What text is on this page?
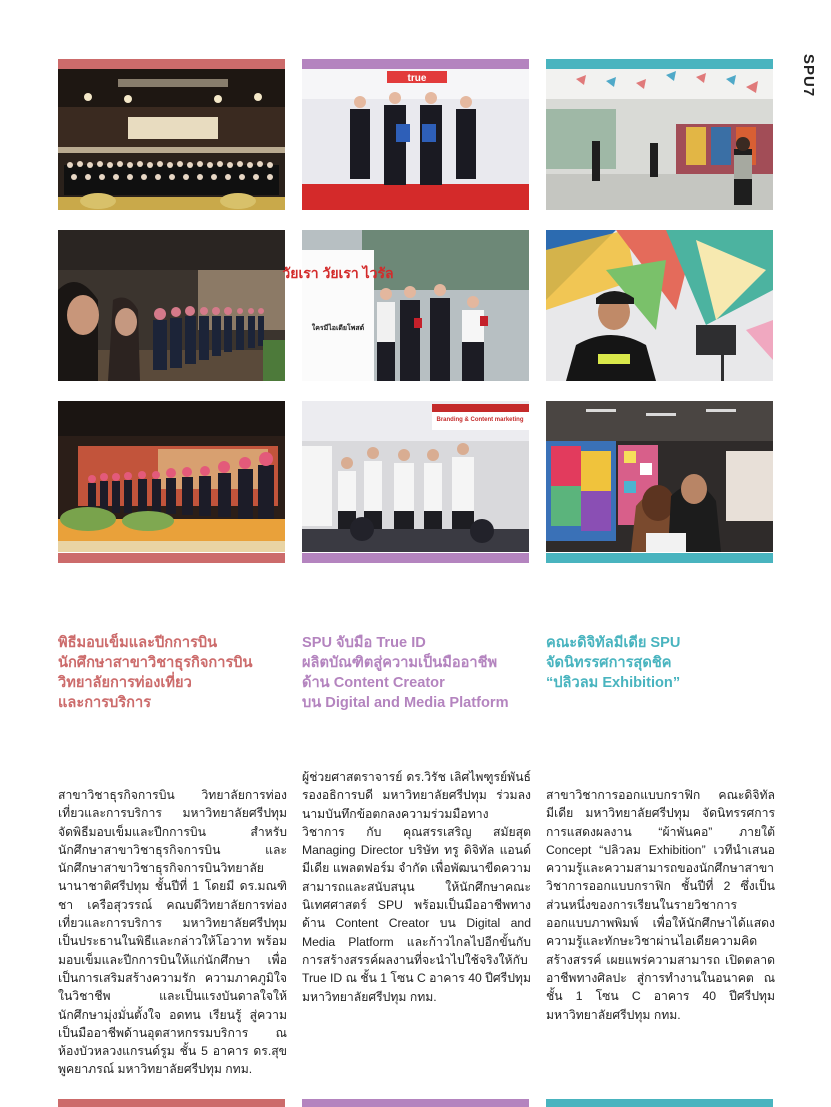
SPU7
พิธีมอบเข็มและปีกการบิน
นักศึกษาสาขาวิชาธุรกิจการบิน
วิทยาลัยการท่องเที่ยว
และการบริการ
สาขาวิชาธุรกิจการบิน วิทยาลัยการท่องเที่ยวและการบริการ มหาวิทยาลัยศรีปทุม จัดพิธีมอบเข็มและปีกการบิน สำหรับนักศึกษาสาขาวิชาธุรกิจการบิน และนักศึกษาสาขาวิชาธุรกิจการบินวิทยาลัยนานาชาติศรีปทุม ชั้นปีที่ 1 โดยมี ดร.มณฑิชา เครือสุวรรณ์ คณบดีวิทยาลัยการท่องเที่ยวและการบริการ มหาวิทยาลัยศรีปทุม เป็นประธานในพิธีและกล่าวให้โอวาท พร้อมมอบเข็มและปีกการบินให้แก่นักศึกษา เพื่อเป็นการเสริมสร้างความรัก ความภาคภูมิใจในวิชาชีพ และเป็นแรงบันดาลใจให้นักศึกษามุ่งมั่นตั้งใจ อดทน เรียนรู้ สู่ความเป็นมืออาชีพด้านอุตสาหกรรมบริการ ณ ห้องบัวหลวงแกรนด์รูม ชั้น 5 อาคาร ดร.สุข พูคยาภรณ์ มหาวิทยาลัยศรีปทุม กทม.
true
วัยเรา วัยเรา ไวรัล
ใครมีไอเดียโพสต์
Branding & Content marketing
SPU จับมือ True ID
ผลิตบัณฑิตสู่ความเป็นมืออาชีพ
ด้าน Content Creator
บน Digital and Media Platform
ผู้ช่วยศาสตราจารย์ ดร.วิรัช เลิศไพฑูรย์พันธ์ รองอธิการบดี มหาวิทยาลัยศรีปทุม ร่วมลงนามบันทึกข้อตกลงความร่วมมือทางวิชาการ กับ คุณสรรเสริญ สมัยสุต Managing Director บริษัท ทรู ดิจิทัล แอนด์มีเดีย แพลตฟอร์ม จำกัด เพื่อพัฒนาขีดความสามารถและสนับสนุน ให้นักศึกษาคณะนิเทศศาสตร์ SPU พร้อมเป็นมืออาชีพทางด้าน Content Creator บน Digital and Media Platform และก้าวไกลไปอีกขั้นกับการสร้างสรรค์ผลงานที่จะนำไปใช้จริงให้กับ True ID ณ ชั้น 1 โซน C อาคาร 40 ปีศรีปทุม มหาวิทยาลัยศรีปทุม กทม.
คณะดิจิทัลมีเดีย SPU
จัดนิทรรศการสุดชิค
“ปลิวลม Exhibition”
สาขาวิชาการออกแบบกราฟิก คณะดิจิทัลมีเดีย มหาวิทยาลัยศรีปทุม จัดนิทรรศการการแสดงผลงาน “ผ้าพันคอ” ภายใต้ Concept “ปลิวลม Exhibition” เวทีนำเสนอความรู้และความสามารถของนักศึกษาสาขาวิชาการออกแบบกราฟิก ชั้นปีที่ 2 ซึ่งเป็นส่วนหนึ่งของการเรียนในรายวิชาการออกแบบภาพพิมพ์ เพื่อให้นักศึกษาได้แสดงความรู้และทักษะวิชาผ่านไอเดียความคิดสร้างสรรค์ เผยแพร่ความสามารถ เปิดตลาดอาชีพทางศิลปะ สู่การทำงานในอนาคต ณ ชั้น 1 โซน C อาคาร 40 ปีศรีปทุม มหาวิทยาลัยศรีปทุม กทม.
